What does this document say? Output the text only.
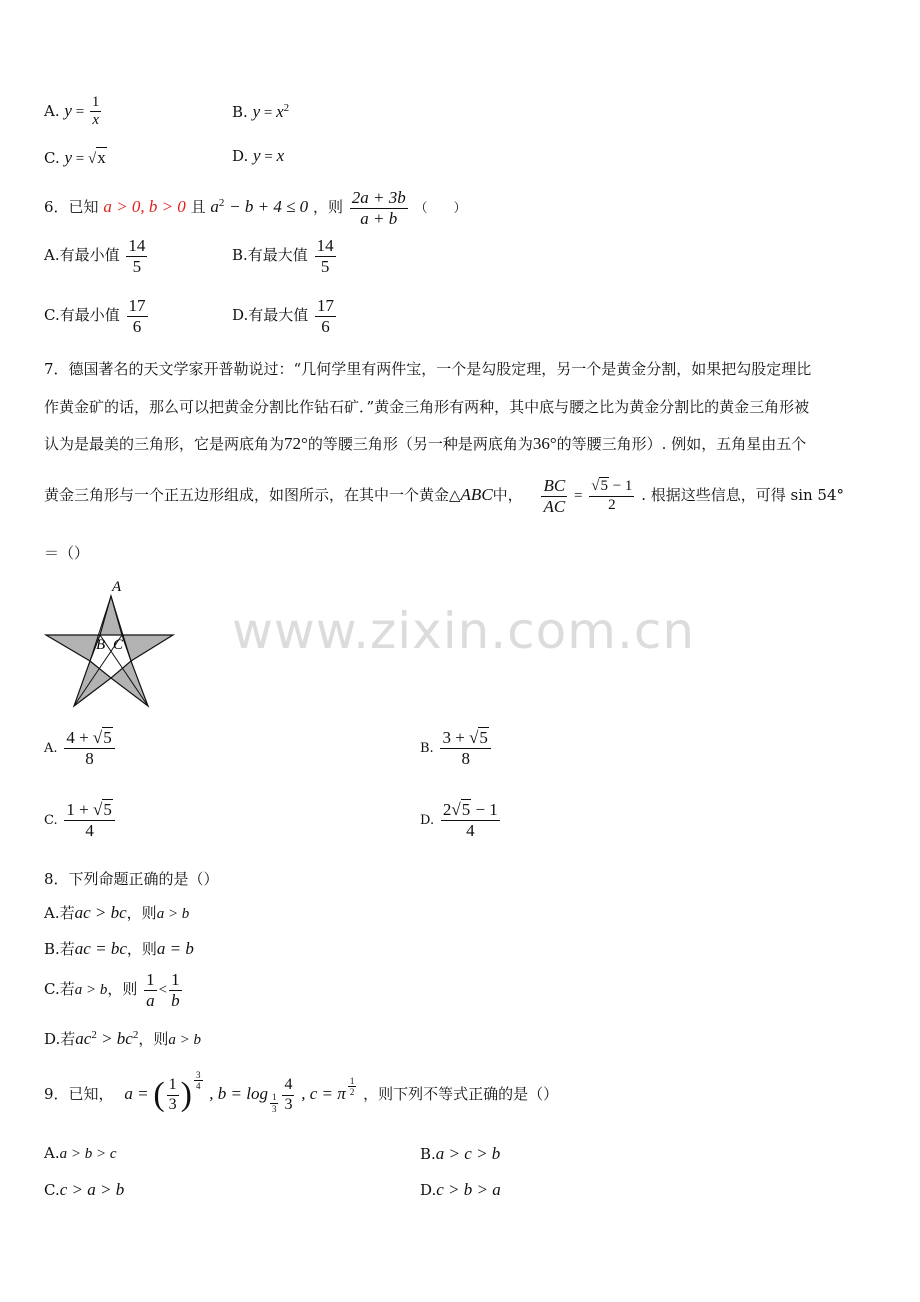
www.zixin.com.cn
A. $y = \frac{1}{x}$	B. $y = x^2$
C. y = √x	D. y = x
6．已知 a > 0, b > 0 且 $a^2 - b + 4 \le 0$ ，则 $\frac{2a + 3b}{a + b}$ （　　）
A.有最小值 $\frac{14}{5}$	B.有最大值 $\frac{14}{5}$
C.有最小值 $\frac{17}{6}$	D.有最大值 $\frac{17}{6}$
7．德国著名的天文学家开普勒说过：“几何学里有两件宝，一个是勾股定理，另一个是黄金分割，如果把勾股定理比
作黄金矿的话，那么可以把黄金分割比作钻石矿．”黄金三角形有两种，其中底与腰之比为黄金分割比的黄金三角形被
认为是最美的三角形，它是两底角为72°的等腰三角形（另一种是两底角为36°的等腰三角形）. 例如，五角星由五个
黄金三角形与一个正五边形组成，如图所示，在其中一个黄金△ABC中， $\frac{BC}{AC} = \frac{√5 - 1}{2}$ . 根据这些信息，可得 sin 54°
＝（）
A
B C
A. $\frac{4 + √5}{8}$	B. $\frac{3 + √5}{8}$
C. $\frac{1 + √5}{4}$	D. $\frac{2√5 - 1}{4}$
8．下列命题正确的是（）
A.若ac > bc，则a > b
B.若ac = bc，则a = b
C.若a > b，则 $\frac{1}{a} < \frac{1}{b}$
D.若$ac^2 > bc^2$，则a > b
9．已知， a = ( $\frac{1}{3}$ ) $\frac{3}{4}$
, $b = \log \frac{1}{3} \frac{4}{3}$ , c = π $\frac{1}{2}$ ，则下列不等式正确的是（）
A.a > b > c	B.a > c > b
C.c > a > b	D.c > b > a
